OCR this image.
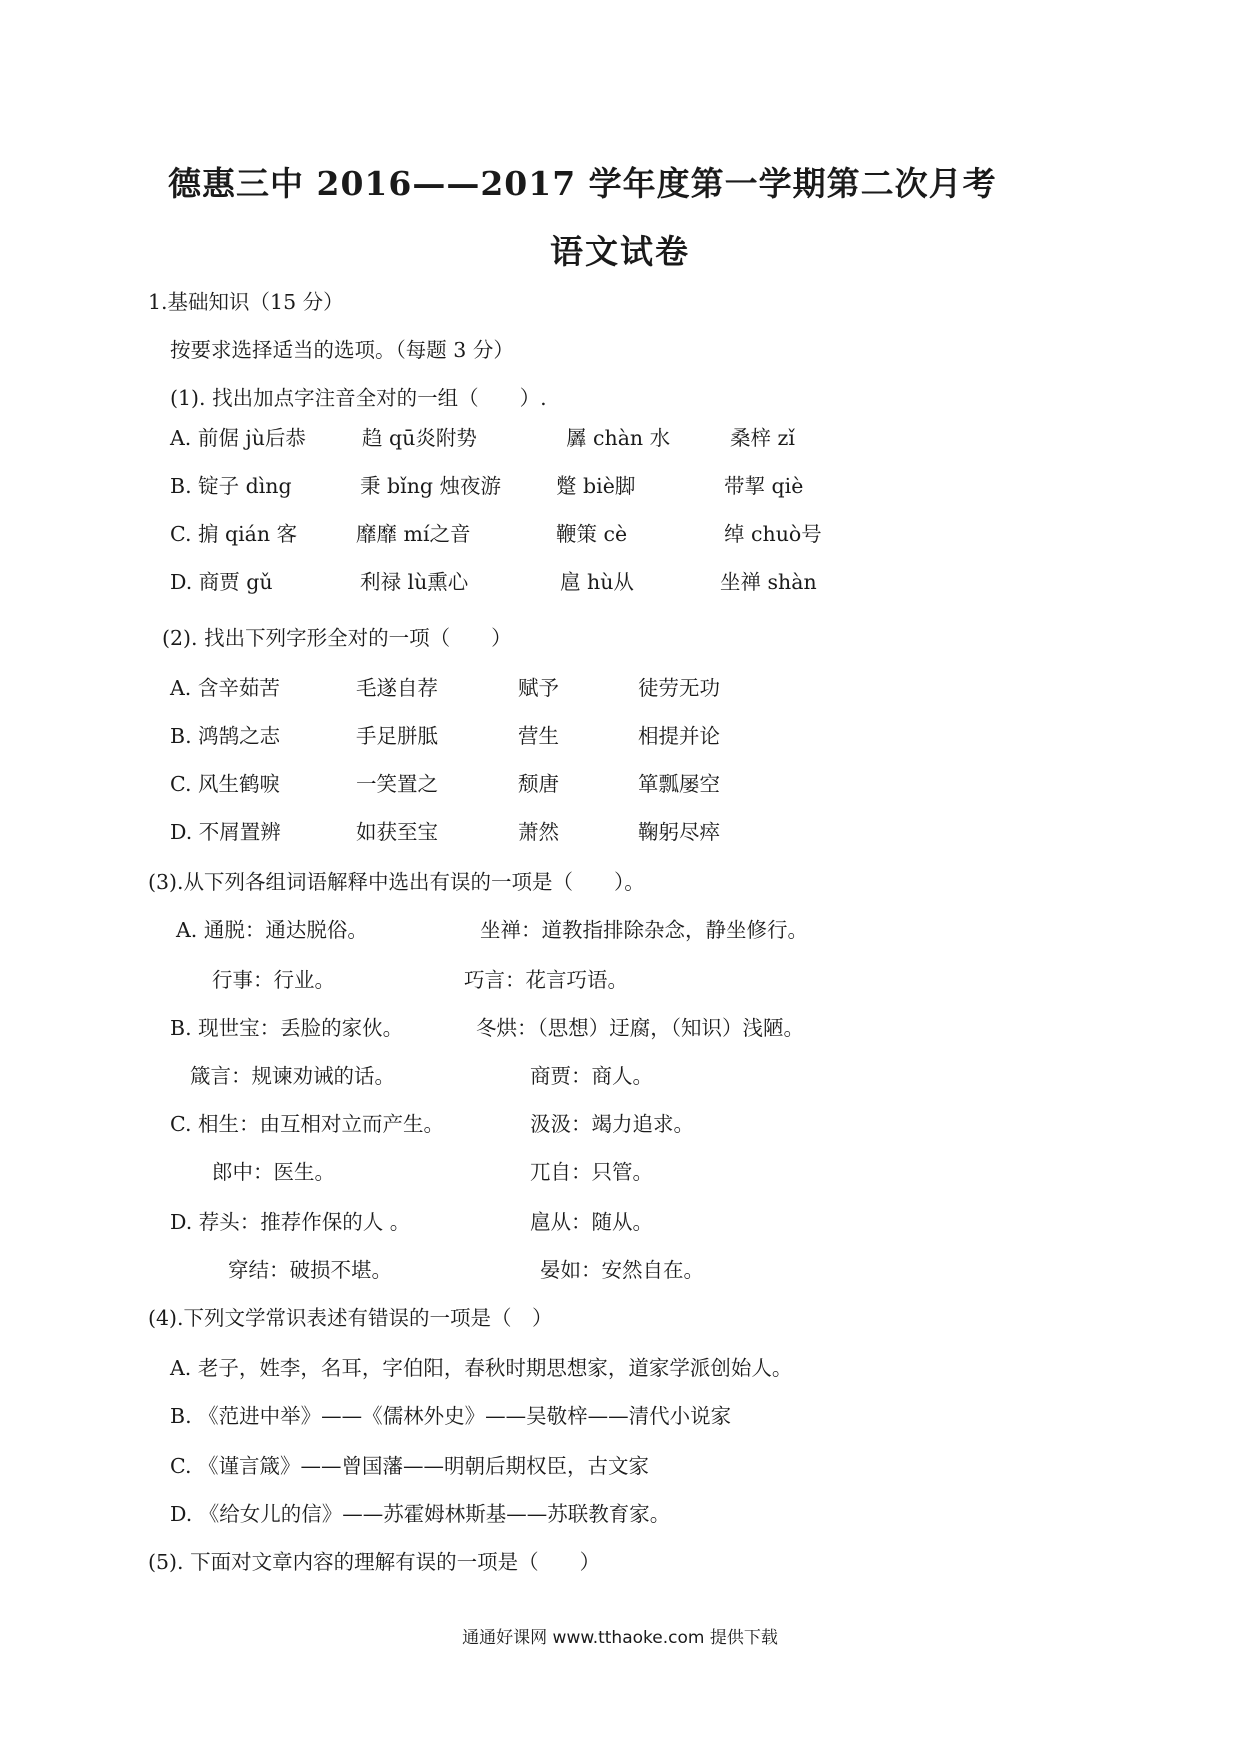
德惠三中 2016——2017 学年度第一学期第二次月考
语文试卷
1.基础知识（15 分）
按要求选择适当的选项。（每题 3 分）
(1). 找出加点字注音全对的一组（　　）.
A. 前倨 jù后恭	趋 qū炎附势	羼 chàn 水	桑梓 zǐ
B. 锭子 dìng	秉 bǐng 烛夜游	蹩 biè脚	带挈 qiè
C. 掮 qián 客	靡靡 mí之音	鞭策 cè	绰 chuò号
D. 商贾 gǔ	利禄 lù熏心	扈 hù从	坐禅 shàn
(2). 找出下列字形全对的一项（　　）
A. 含辛茹苦	毛遂自荐	赋予	徒劳无功
B. 鸿鹄之志	手足胼胝	营生	相提并论
C. 风生鹤唳	一笑置之	颓唐	箪瓢屡空
D. 不屑置辨	如获至宝	萧然	鞠躬尽瘁
(3).从下列各组词语解释中选出有误的一项是（　　）。
A. 通脱：通达脱俗。	坐禅：道教指排除杂念，静坐修行。
行事：行业。	巧言：花言巧语。
B. 现世宝：丢脸的家伙。	冬烘：（思想）迂腐，（知识）浅陋。
箴言：规谏劝诫的话。	商贾：商人。
C. 相生：由互相对立而产生。	汲汲：竭力追求。
郎中：医生。	兀自：只管。
D. 荐头：推荐作保的人 。	扈从：随从。
穿结：破损不堪。	晏如：安然自在。
(4).下列文学常识表述有错误的一项是（　）
A. 老子，姓李，名耳，字伯阳，春秋时期思想家，道家学派创始人。
B. 《范进中举》——《儒林外史》——吴敬梓——清代小说家
C. 《谨言箴》——曾国藩——明朝后期权臣，古文家
D. 《给女儿的信》——苏霍姆林斯基——苏联教育家。
(5). 下面对文章内容的理解有误的一项是（　　）
通通好课网 www.tthaoke.com 提供下载
